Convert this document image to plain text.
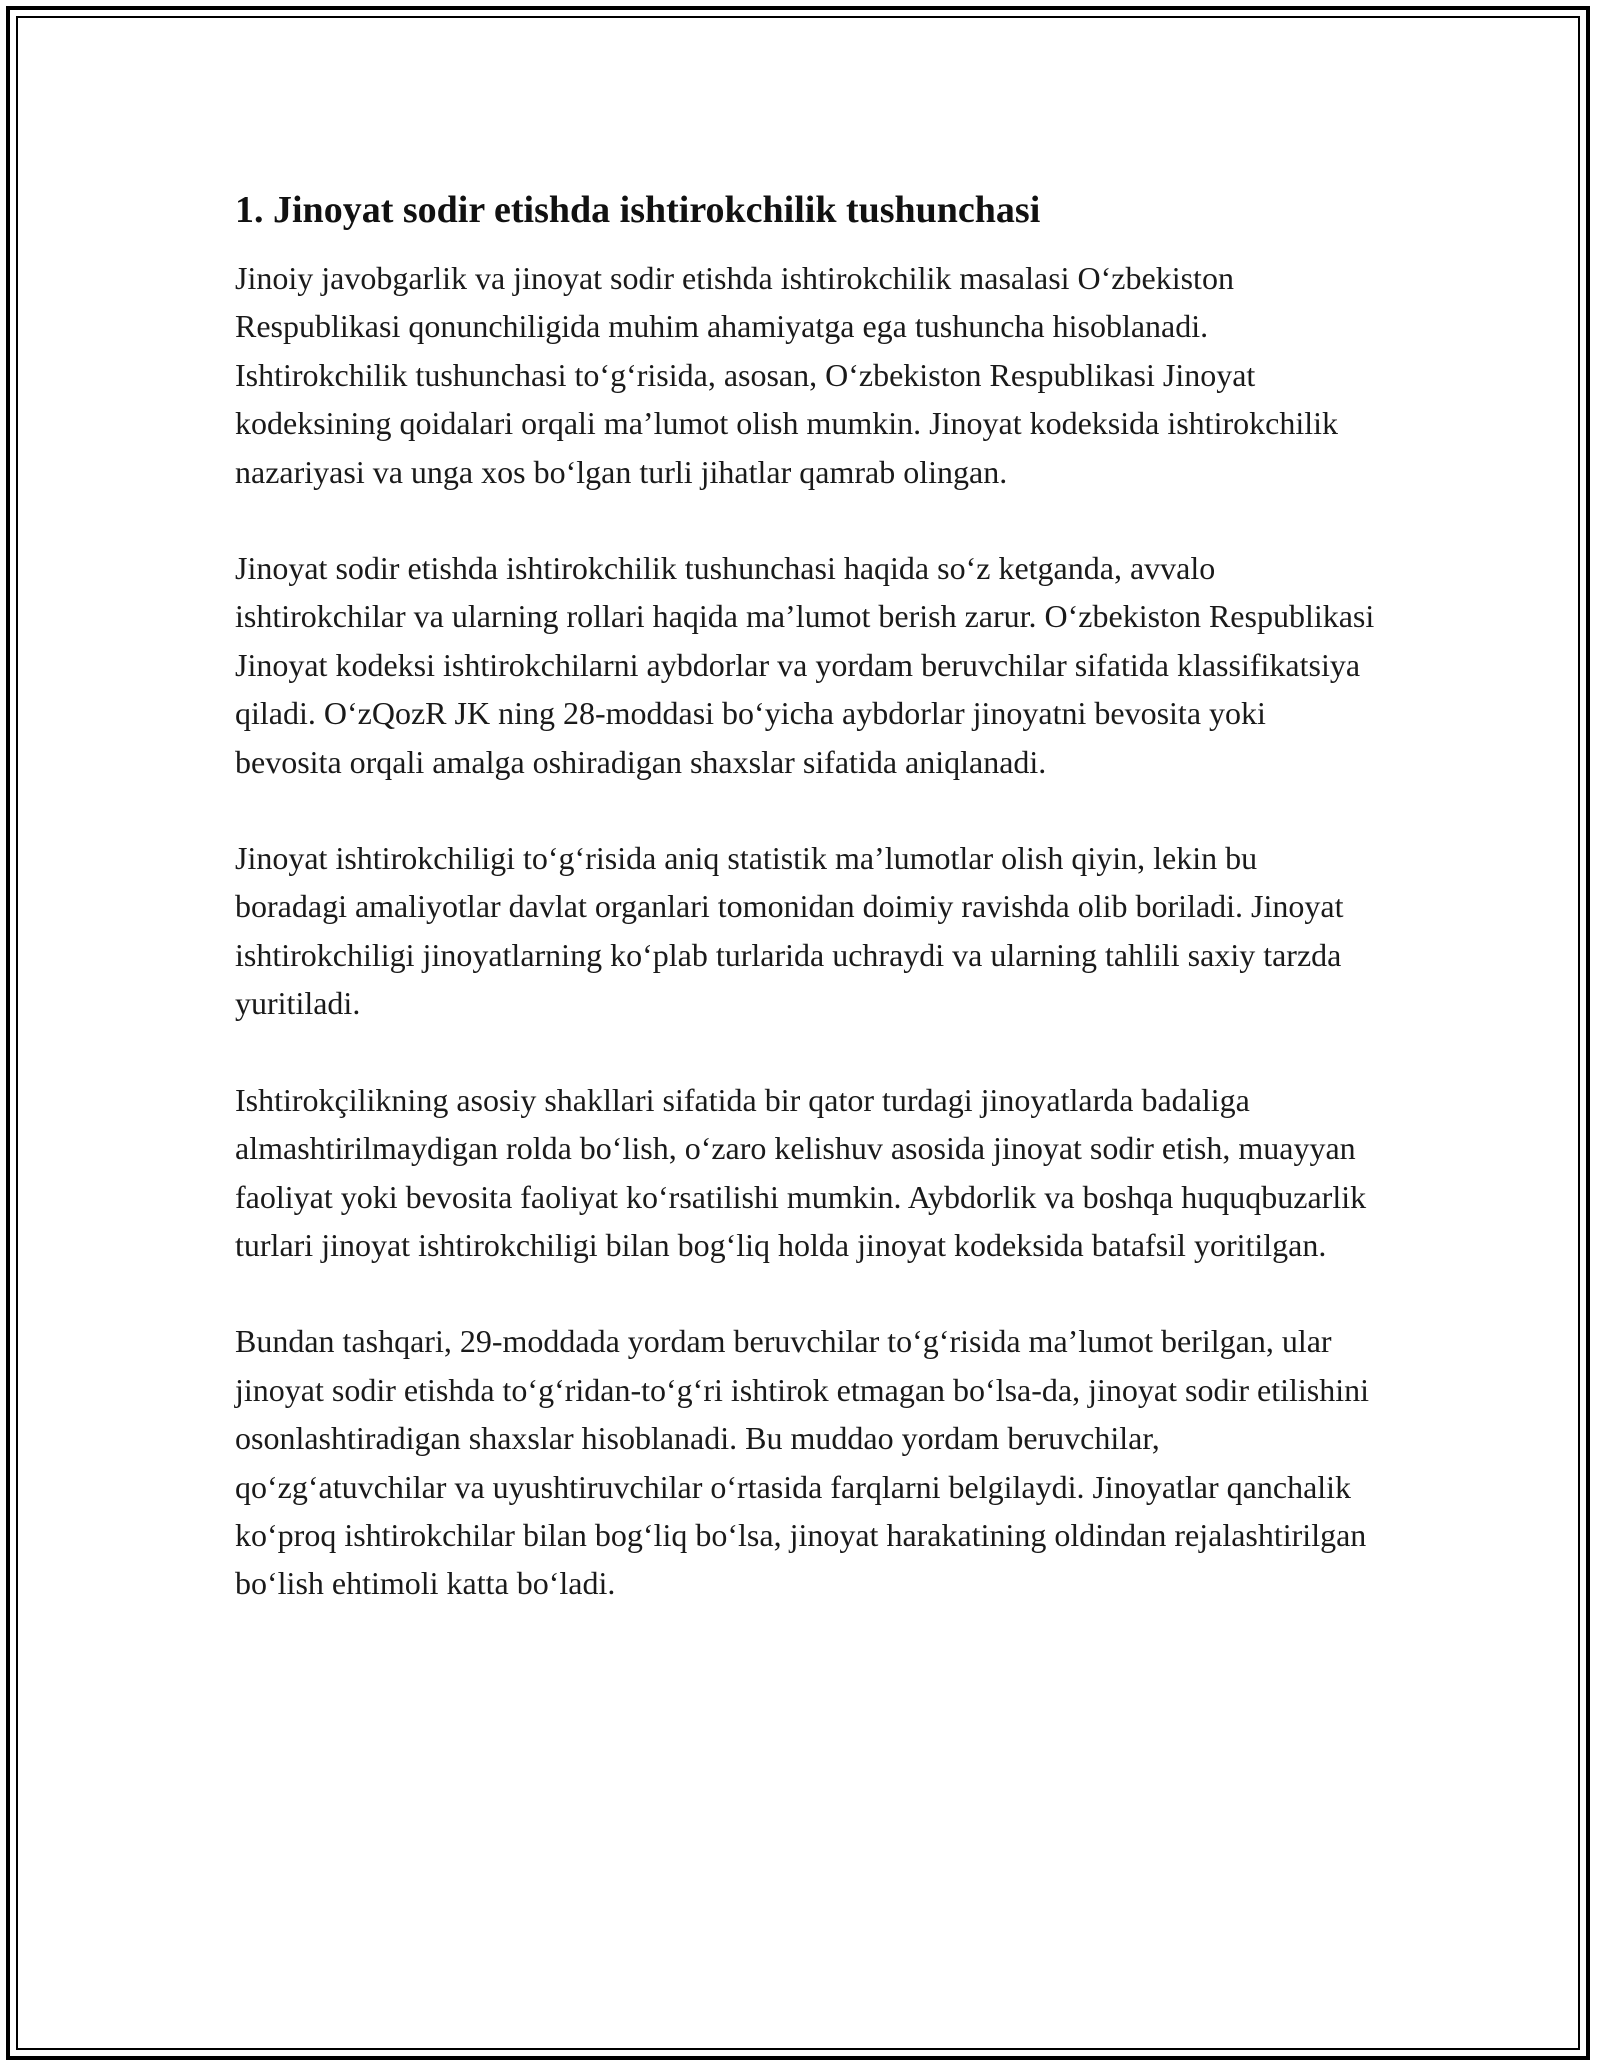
1. Jinoyat sodir etishda ishtirokchilik tushunchasi

Jinoiy javobgarlik va jinoyat sodir etishda ishtirokchilik masalasi O‘zbekiston Respublikasi qonunchiligida muhim ahamiyatga ega tushuncha hisoblanadi. Ishtirokchilik tushunchasi to‘g‘risida, asosan, O‘zbekiston Respublikasi Jinoyat kodeksining qoidalari orqali ma’lumot olish mumkin. Jinoyat kodeksida ishtirokchilik nazariyasi va unga xos bo‘lgan turli jihatlar qamrab olingan.

Jinoyat sodir etishda ishtirokchilik tushunchasi haqida so‘z ketganda, avvalo ishtirokchilar va ularning rollari haqida ma’lumot berish zarur. O‘zbekiston Respublikasi Jinoyat kodeksi ishtirokchilarni aybdorlar va yordam beruvchilar sifatida klassifikatsiya qiladi. O‘zQozR JK ning 28-moddasi bo‘yicha aybdorlar jinoyatni bevosita yoki bevosita orqali amalga oshiradigan shaxslar sifatida aniqlanadi.

Jinoyat ishtirokchiligi to‘g‘risida aniq statistik ma’lumotlar olish qiyin, lekin bu boradagi amaliyotlar davlat organlari tomonidan doimiy ravishda olib boriladi. Jinoyat ishtirokchiligi jinoyatlarning ko‘plab turlarida uchraydi va ularning tahlili saxiy tarzda yuritiladi.

Ishtirokçilikning asosiy shakllari sifatida bir qator turdagi jinoyatlarda badaliga almashtirilmaydigan rolda bo‘lish, o‘zaro kelishuv asosida jinoyat sodir etish, muayyan faoliyat yoki bevosita faoliyat ko‘rsatilishi mumkin. Aybdorlik va boshqa huquqbuzarlik turlari jinoyat ishtirokchiligi bilan bog‘liq holda jinoyat kodeksida batafsil yoritilgan.

Bundan tashqari, 29-moddada yordam beruvchilar to‘g‘risida ma’lumot berilgan, ular jinoyat sodir etishda to‘g‘ridan-to‘g‘ri ishtirok etmagan bo‘lsa-da, jinoyat sodir etilishini osonlashtiradigan shaxslar hisoblanadi. Bu muddao yordam beruvchilar, qo‘zg‘atuvchilar va uyushtiruvchilar o‘rtasida farqlarni belgilaydi. Jinoyatlar qanchalik ko‘proq ishtirokchilar bilan bog‘liq bo‘lsa, jinoyat harakatining oldindan rejalashtirilgan bo‘lish ehtimoli katta bo‘ladi.
